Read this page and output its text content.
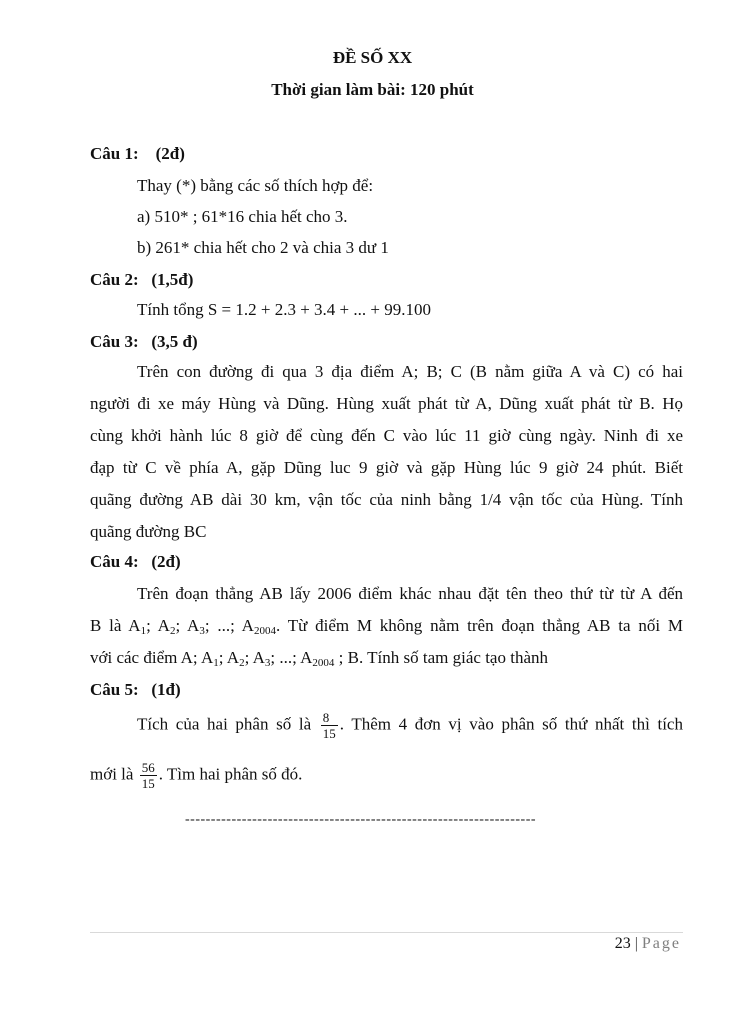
ĐỀ SỐ XX
Thời gian làm bài: 120 phút
Câu 1:    (2đ)
Thay (*) bằng các số thích hợp để:
a) 510* ; 61*16 chia hết cho 3.
b) 261* chia hết cho 2 và chia 3 dư 1
Câu 2:   (1,5đ)
Tính tổng S = 1.2 + 2.3 + 3.4 + ... + 99.100
Câu 3:   (3,5 đ)
Trên con đường đi qua 3 địa điểm A; B; C (B nằm giữa A và C) có hai
người đi xe máy Hùng và Dũng. Hùng xuất phát từ A, Dũng xuất phát từ B. Họ
cùng khởi hành lúc 8 giờ để cùng đến C vào lúc 11 giờ cùng ngày. Ninh đi xe
đạp từ C về phía A, gặp Dũng luc 9 giờ và gặp Hùng lúc 9 giờ 24 phút. Biết
quãng đường AB dài 30 km, vận tốc của ninh bằng 1/4 vận tốc của Hùng. Tính
quãng đường BC
Câu 4:   (2đ)
Trên đoạn thẳng AB lấy 2006 điểm khác nhau đặt tên theo thứ từ từ A đến
B là $A_1$; $A_2$; $A_3$; ...; $A_{2004}$. Từ điểm M không nằm trên đoạn thẳng AB ta nối M
với các điểm A; $A_1$; $A_2$; $A_3$; ...; $A_{2004}$ ; B. Tính số tam giác tạo thành
Câu 5:   (1đ)
Tích của hai phân số là $\frac{8}{15}$ . Thêm 4 đơn vị vào phân số thứ nhất thì tích
mới là $\frac{56}{15}$ . Tìm hai phân số đó.
--------------------------------------------------------------------
23 | Page
